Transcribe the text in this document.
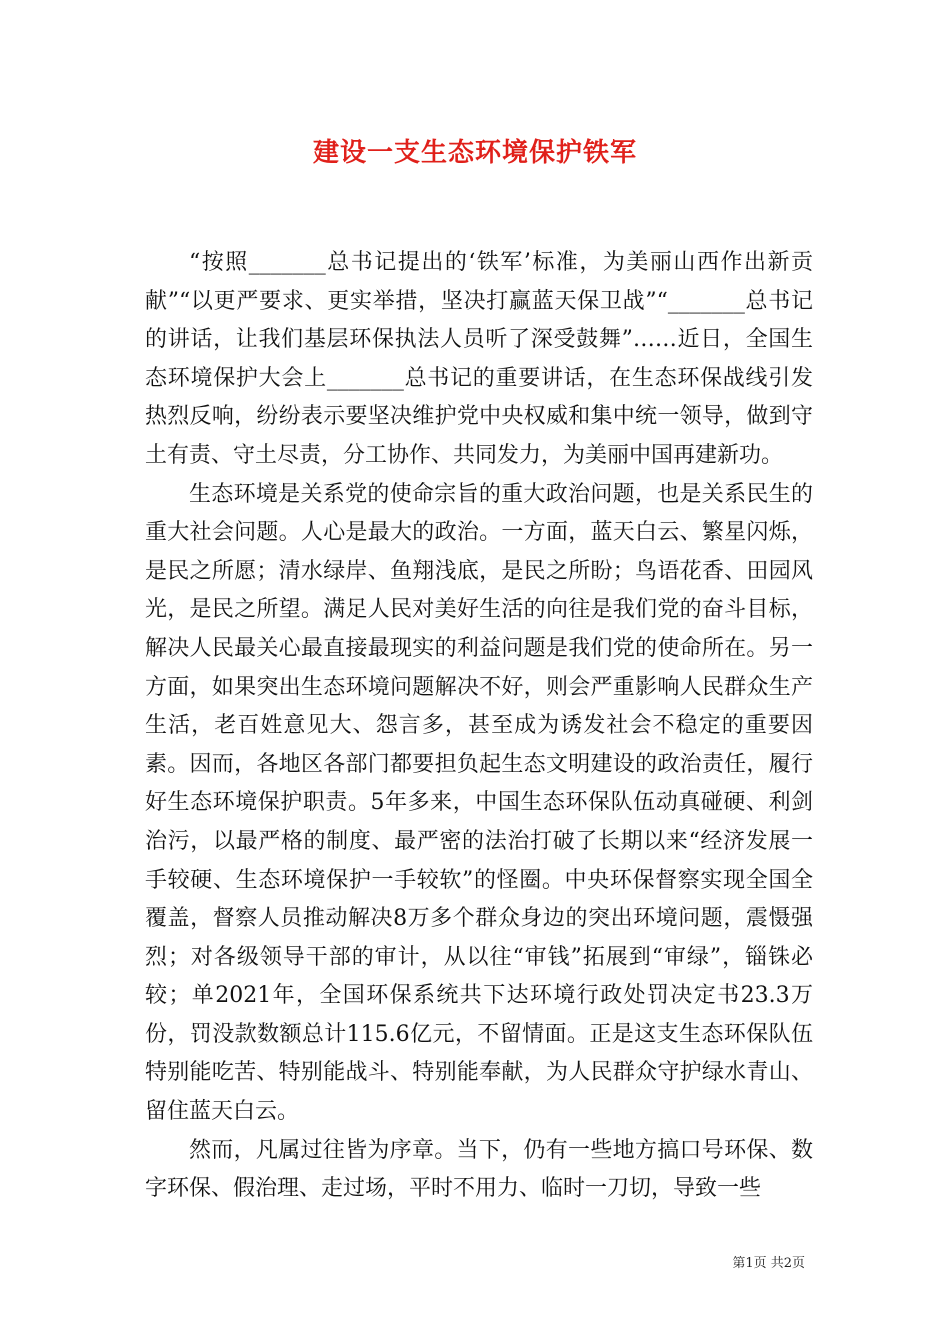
建设一支生态环境保护铁军

“按照_______总书记提出的‘铁军’标准，为美丽山西作出新贡献”“以更严要求、更实举措，坚决打赢蓝天保卫战”“_______总书记的讲话，让我们基层环保执法人员听了深受鼓舞”……近日，全国生态环境保护大会上_______总书记的重要讲话，在生态环保战线引发热烈反响，纷纷表示要坚决维护党中央权威和集中统一领导，做到守土有责、守土尽责，分工协作、共同发力，为美丽中国再建新功。

生态环境是关系党的使命宗旨的重大政治问题，也是关系民生的重大社会问题。人心是最大的政治。一方面，蓝天白云、繁星闪烁，是民之所愿；清水绿岸、鱼翔浅底，是民之所盼；鸟语花香、田园风光，是民之所望。满足人民对美好生活的向往是我们党的奋斗目标，解决人民最关心最直接最现实的利益问题是我们党的使命所在。另一方面，如果突出生态环境问题解决不好，则会严重影响人民群众生产生活，老百姓意见大、怨言多，甚至成为诱发社会不稳定的重要因素。因而，各地区各部门都要担负起生态文明建设的政治责任，履行好生态环境保护职责。5年多来，中国生态环保队伍动真碰硬、利剑治污，以最严格的制度、最严密的法治打破了长期以来“经济发展一手较硬、生态环境保护一手较软”的怪圈。中央环保督察实现全国全覆盖，督察人员推动解决8万多个群众身边的突出环境问题，震慑强烈；对各级领导干部的审计，从以往“审钱”拓展到“审绿”，锱铢必较；单2021年，全国环保系统共下达环境行政处罚决定书23.3万份，罚没款数额总计115.6亿元，不留情面。正是这支生态环保队伍特别能吃苦、特别能战斗、特别能奉献，为人民群众守护绿水青山、留住蓝天白云。

然而，凡属过往皆为序章。当下，仍有一些地方搞口号环保、数字环保、假治理、走过场，平时不用力、临时一刀切，导致一些

第1页 共2页
